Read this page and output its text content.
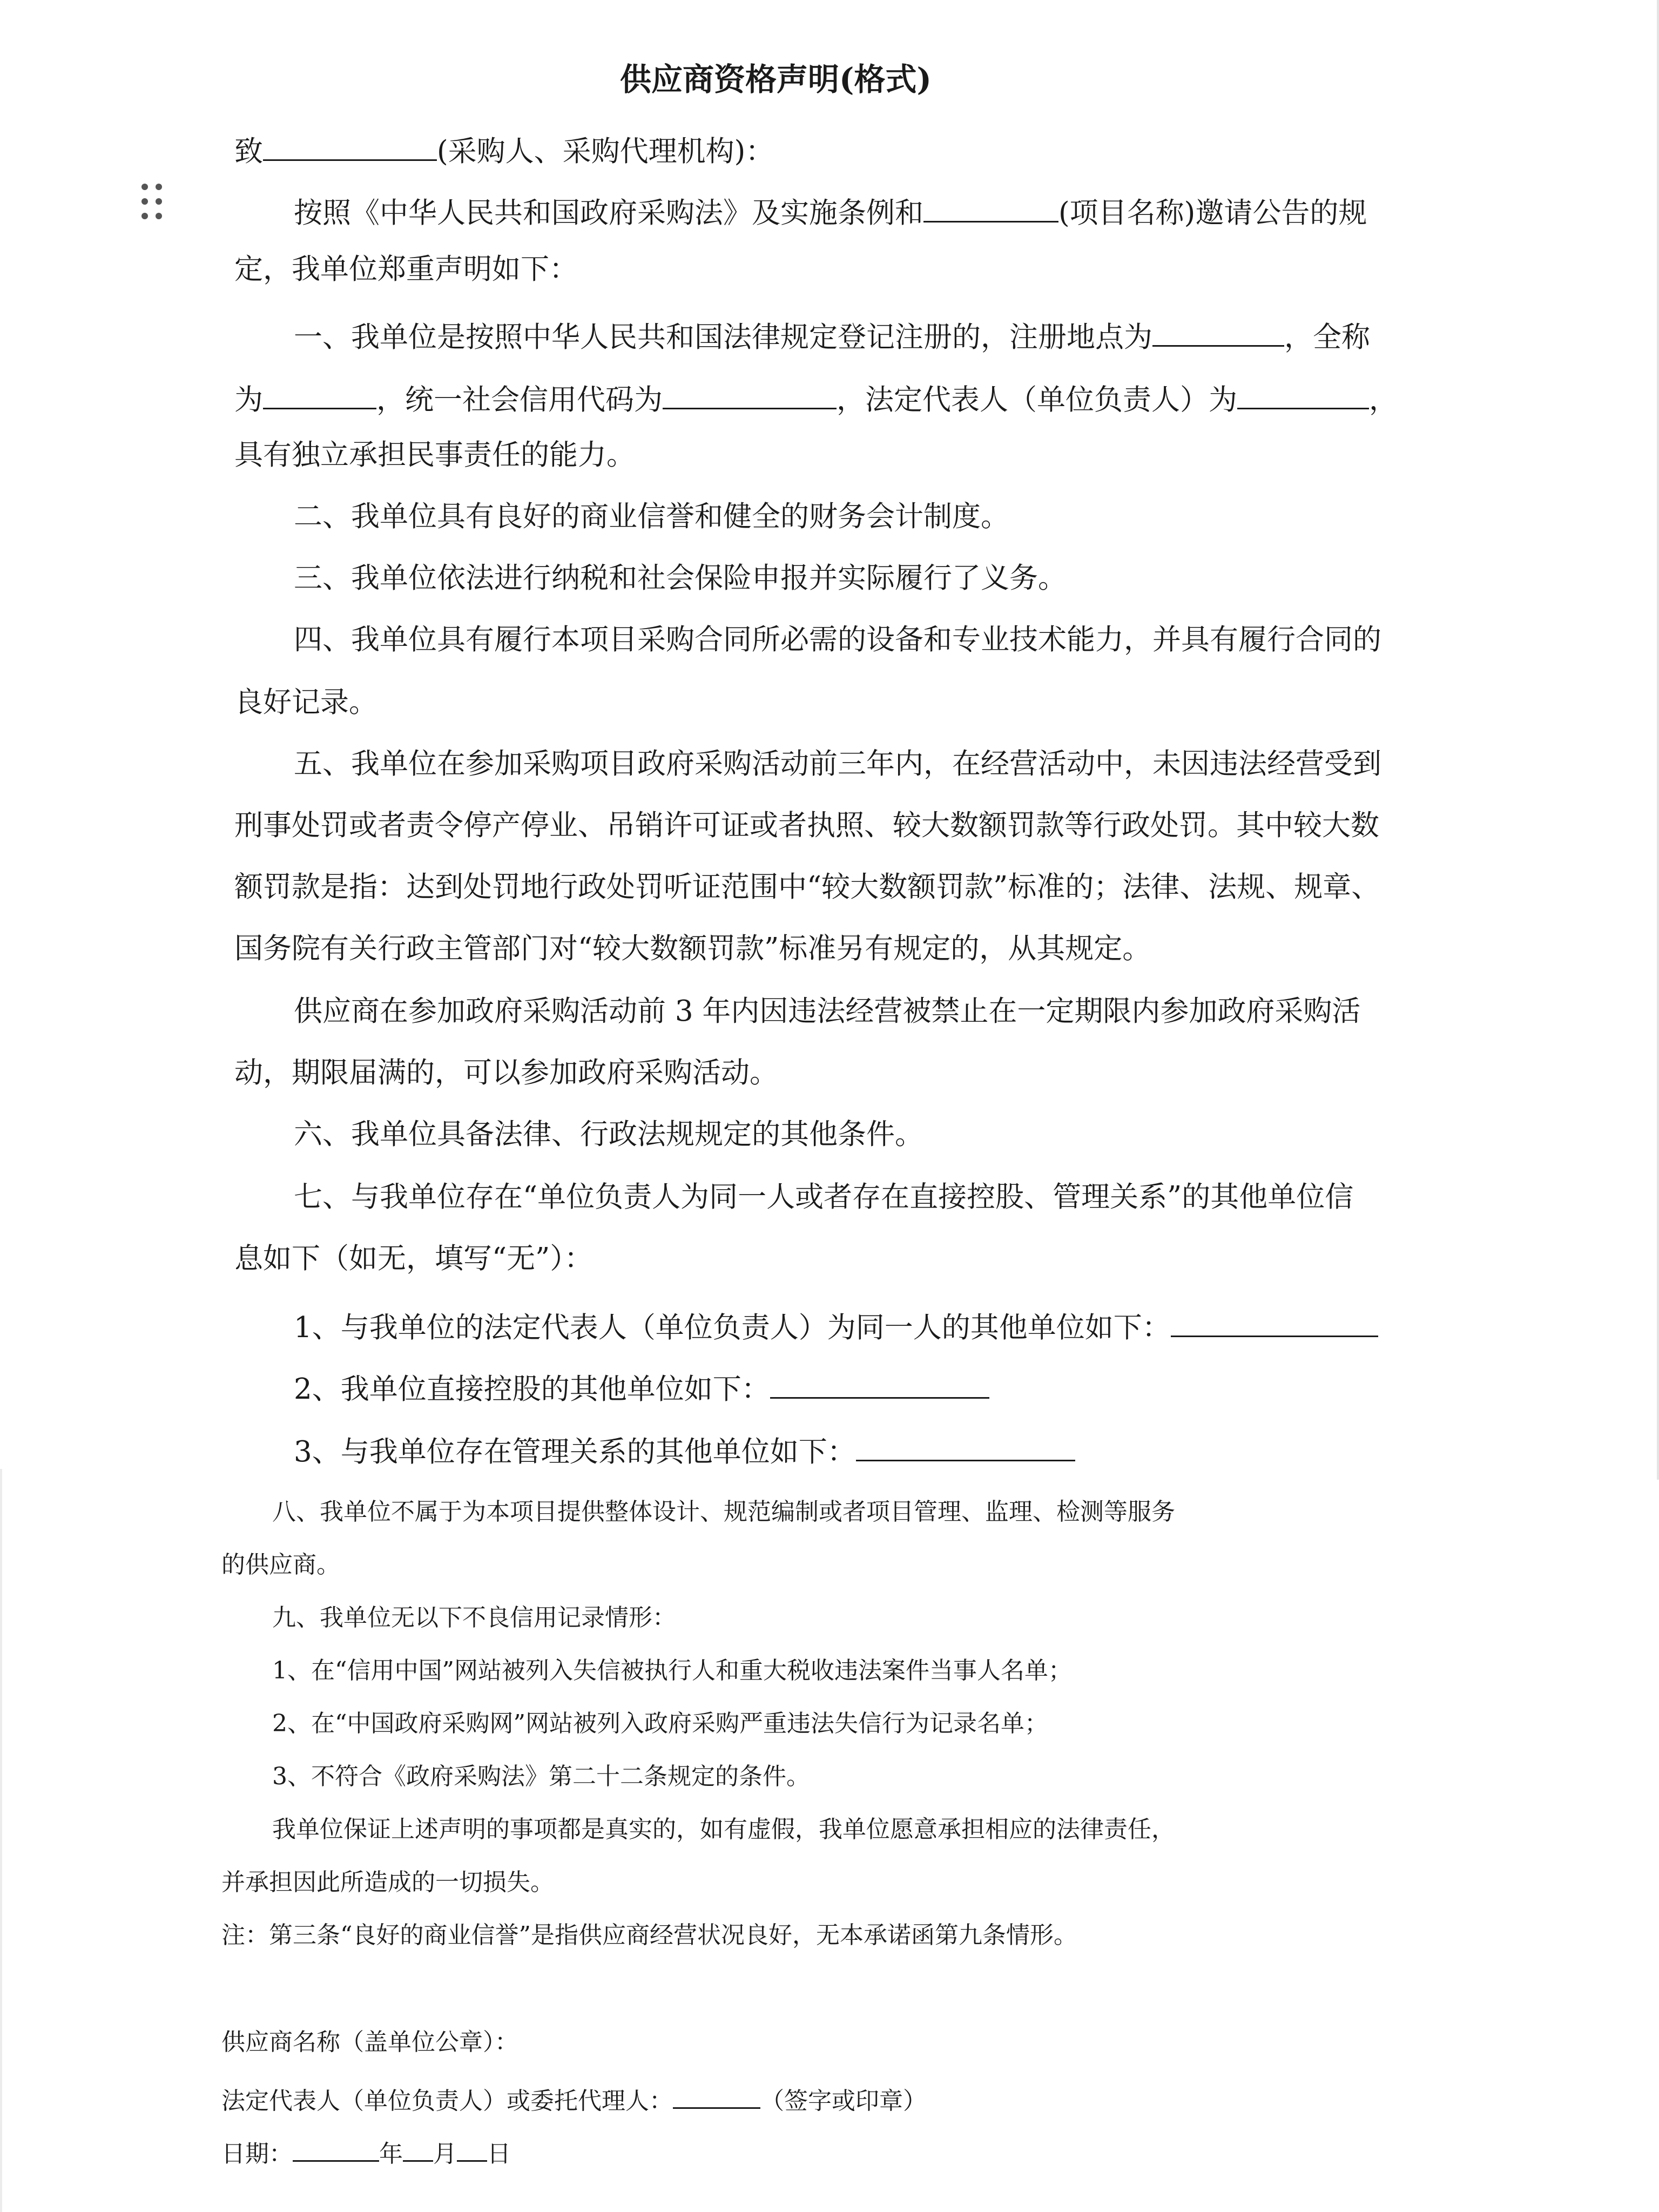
供应商资格声明(格式)
致	(采购人、采购代理机构)：
按照《中华人民共和国政府采购法》及实施条例和	(项目名称)邀请公告的规
定，我单位郑重声明如下：
一、我单位是按照中华人民共和国法律规定登记注册的，注册地点为	，全称
为	，统一社会信用代码为	，法定代表人（单位负责人）为	，
具有独立承担民事责任的能力。
二、我单位具有良好的商业信誉和健全的财务会计制度。
三、我单位依法进行纳税和社会保险申报并实际履行了义务。
四、我单位具有履行本项目采购合同所必需的设备和专业技术能力，并具有履行合同的
良好记录。
五、我单位在参加采购项目政府采购活动前三年内，在经营活动中，未因违法经营受到
刑事处罚或者责令停产停业、吊销许可证或者执照、较大数额罚款等行政处罚。其中较大数
额罚款是指：达到处罚地行政处罚听证范围中“较大数额罚款”标准的；法律、法规、规章、
国务院有关行政主管部门对“较大数额罚款”标准另有规定的，从其规定。
供应商在参加政府采购活动前 3 年内因违法经营被禁止在一定期限内参加政府采购活
动，期限届满的，可以参加政府采购活动。
六、我单位具备法律、行政法规规定的其他条件。
七、与我单位存在“单位负责人为同一人或者存在直接控股、管理关系”的其他单位信
息如下（如无，填写“无”）：
1、与我单位的法定代表人（单位负责人）为同一人的其他单位如下：
2、我单位直接控股的其他单位如下：
3、与我单位存在管理关系的其他单位如下：
八、我单位不属于为本项目提供整体设计、规范编制或者项目管理、监理、检测等服务
的供应商。
九、我单位无以下不良信用记录情形：
1、在“信用中国”网站被列入失信被执行人和重大税收违法案件当事人名单；
2、在“中国政府采购网”网站被列入政府采购严重违法失信行为记录名单；
3、不符合《政府采购法》第二十二条规定的条件。
我单位保证上述声明的事项都是真实的，如有虚假，我单位愿意承担相应的法律责任，
并承担因此所造成的一切损失。
注：第三条“良好的商业信誉”是指供应商经营状况良好，无本承诺函第九条情形。
供应商名称（盖单位公章）：
法定代表人（单位负责人）或委托代理人：	（签字或印章）
日期：	年 月 日
